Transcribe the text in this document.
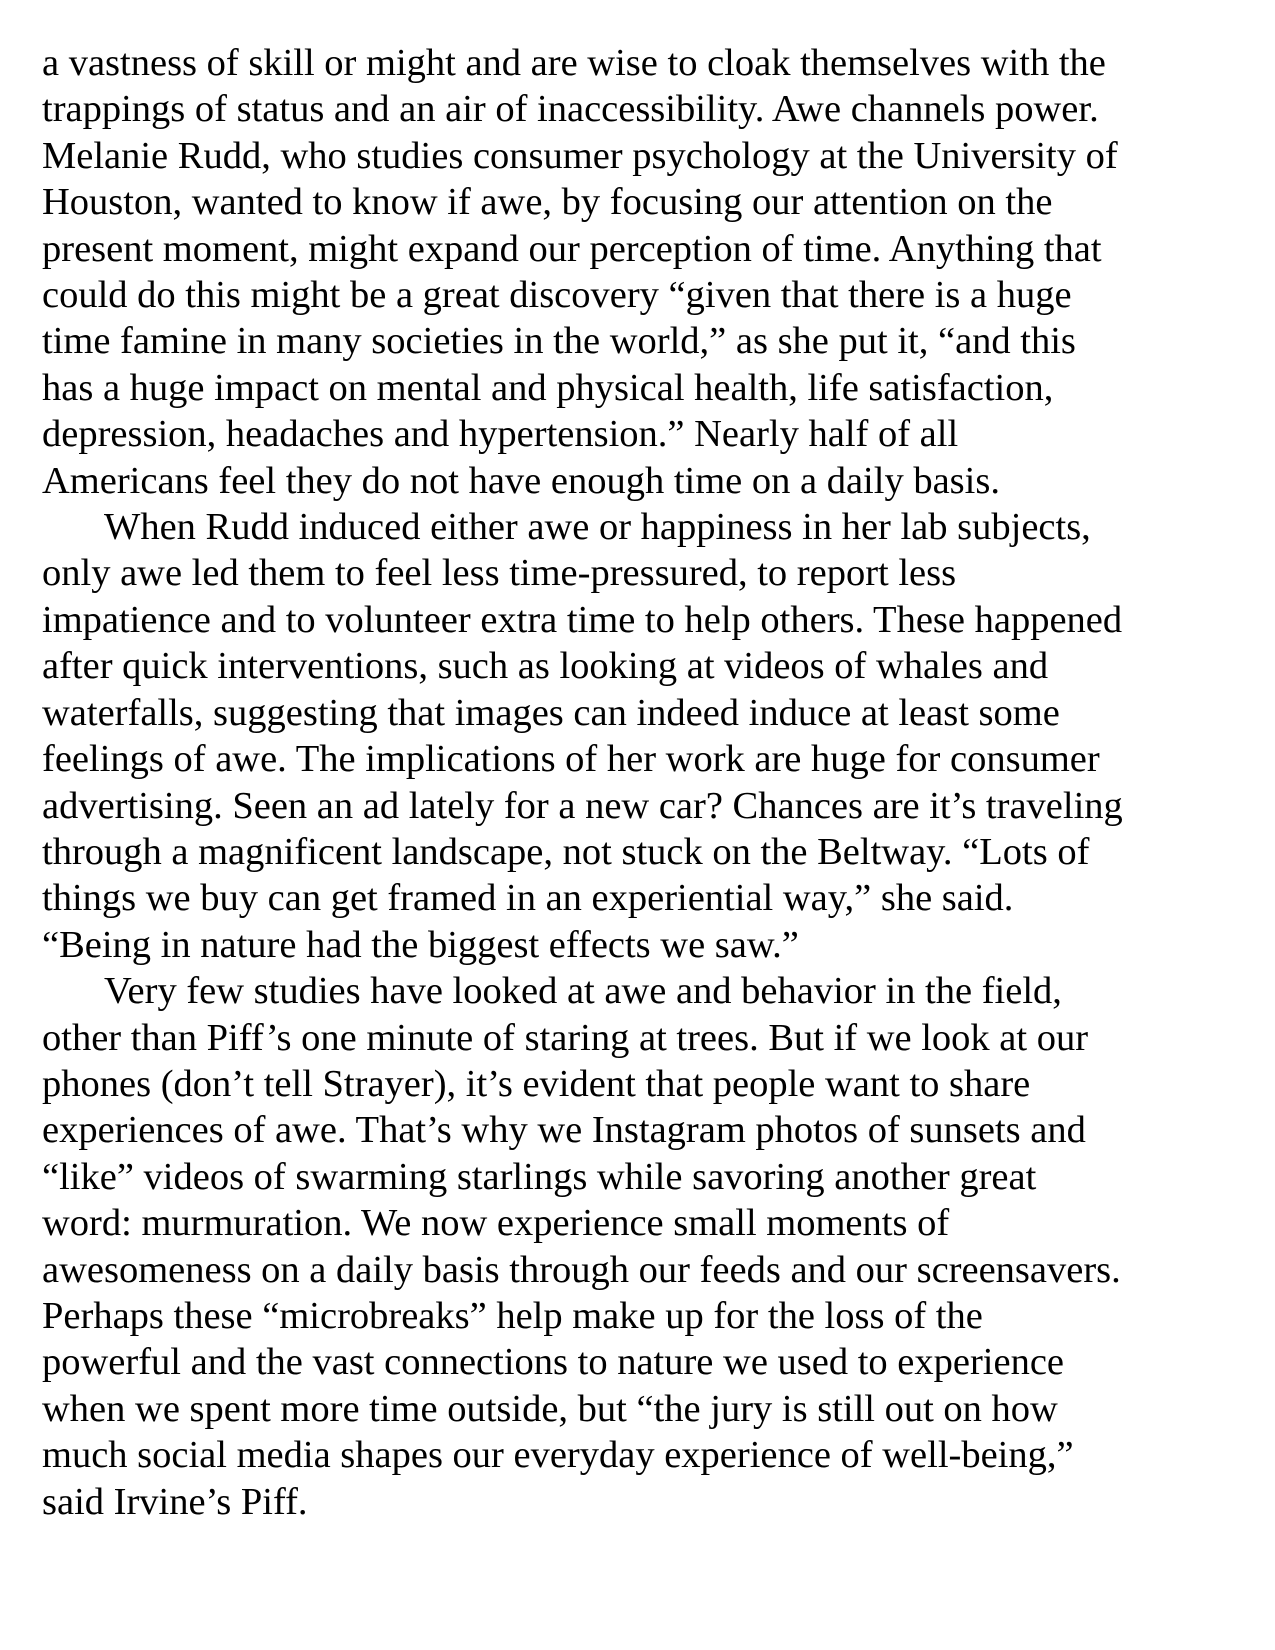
a vastness of skill or might and are wise to cloak themselves with the
trappings of status and an air of inaccessibility. Awe channels power.
Melanie Rudd, who studies consumer psychology at the University of
Houston, wanted to know if awe, by focusing our attention on the
present moment, might expand our perception of time. Anything that
could do this might be a great discovery “given that there is a huge
time famine in many societies in the world,” as she put it, “and this
has a huge impact on mental and physical health, life satisfaction,
depression, headaches and hypertension.” Nearly half of all
Americans feel they do not have enough time on a daily basis.

When Rudd induced either awe or happiness in her lab subjects,
only awe led them to feel less time-pressured, to report less
impatience and to volunteer extra time to help others. These happened
after quick interventions, such as looking at videos of whales and
waterfalls, suggesting that images can indeed induce at least some
feelings of awe. The implications of her work are huge for consumer
advertising. Seen an ad lately for a new car? Chances are it’s traveling
through a magnificent landscape, not stuck on the Beltway. “Lots of
things we buy can get framed in an experiential way,” she said.
“Being in nature had the biggest effects we saw.”

Very few studies have looked at awe and behavior in the field,
other than Piff’s one minute of staring at trees. But if we look at our
phones (don’t tell Strayer), it’s evident that people want to share
experiences of awe. That’s why we Instagram photos of sunsets and
“like” videos of swarming starlings while savoring another great
word: murmuration. We now experience small moments of
awesomeness on a daily basis through our feeds and our screensavers.
Perhaps these “microbreaks” help make up for the loss of the
powerful and the vast connections to nature we used to experience
when we spent more time outside, but “the jury is still out on how
much social media shapes our everyday experience of well-being,”
said Irvine’s Piff.
